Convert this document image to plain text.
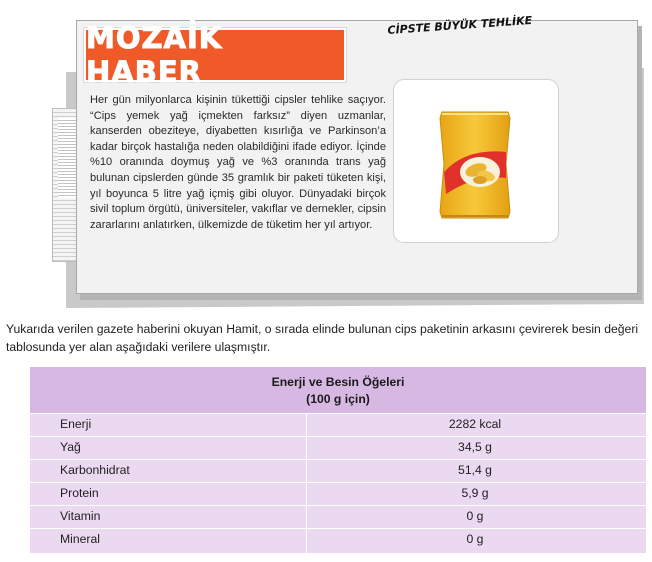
MOZAİK HABER
CİPSTE BÜYÜK TEHLİKE
Her gün milyonlarca kişinin tükettiği cipsler tehlike saçıyor. “Cips yemek yağ içmekten farksız” diyen uzmanlar, kanserden obeziteye, diyabetten kısırlığa ve Parkinson’a kadar birçok hastalığa neden olabildiğini ifade ediyor. İçinde %10 oranında doymuş yağ ve %3 oranında trans yağ bulunan cipslerden günde 35 gramlık bir paketi tüketen kişi, yıl boyunca 5 litre yağ içmiş gibi oluyor. Dünyadaki birçok sivil toplum örgütü, üniversiteler, vakıflar ve dernekler, cipsin zararlarını anlatırken, ülkemizde de tüketim her yıl artıyor.
Yukarıda verilen gazete haberini okuyan Hamit, o sırada elinde bulunan cips paketinin arkasını çevirerek besin değeri tablosunda yer alan aşağıdaki verilere ulaşmıştır.
Enerji ve Besin Öğeleri
(100 g için)
Enerji	2282 kcal
Yağ	34,5 g
Karbonhidrat	51,4 g
Protein	5,9 g
Vitamin	0 g
Mineral	0 g
